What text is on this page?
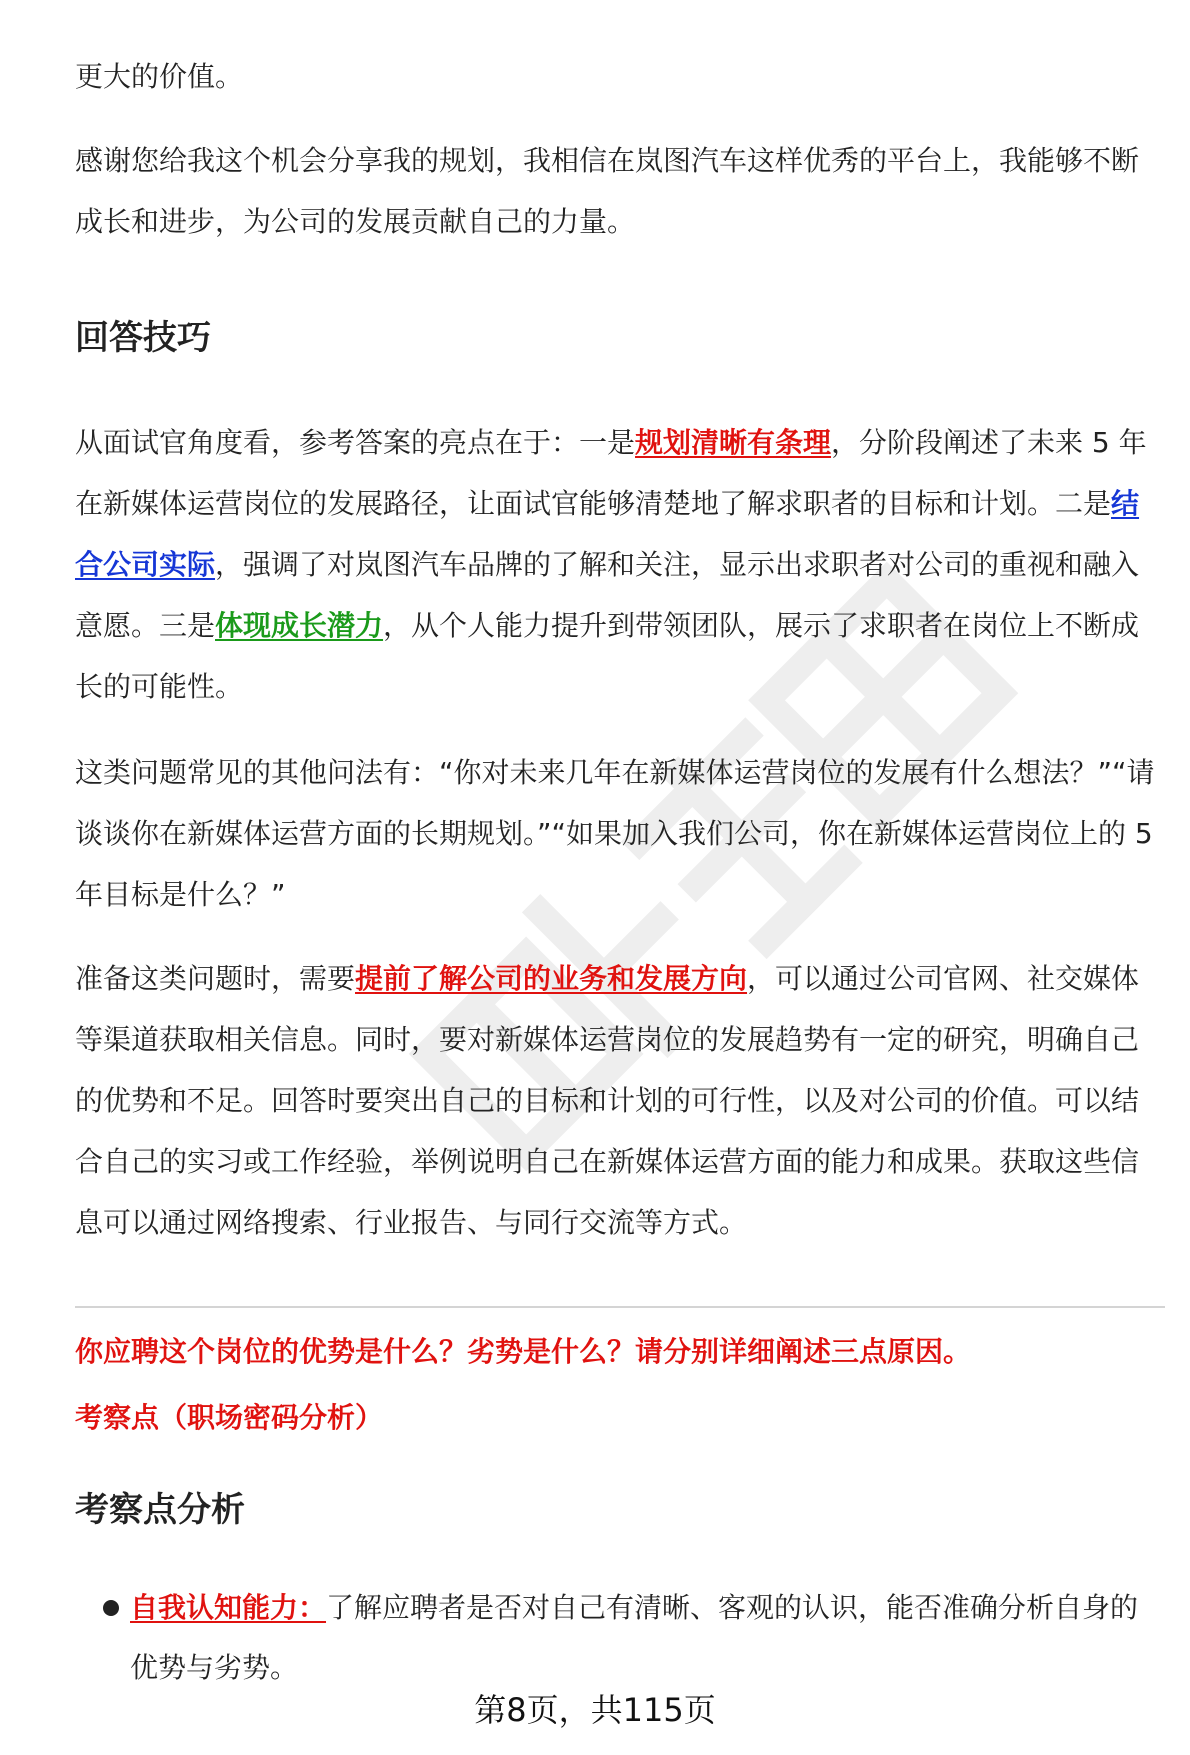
更大的价值。

感谢您给我这个机会分享我的规划，我相信在岚图汽车这样优秀的平台上，我能够不断成长和进步，为公司的发展贡献自己的力量。

回答技巧

从面试官角度看，参考答案的亮点在于：一是规划清晰有条理，分阶段阐述了未来 5 年在新媒体运营岗位的发展路径，让面试官能够清楚地了解求职者的目标和计划。二是结合公司实际，强调了对岚图汽车品牌的了解和关注，显示出求职者对公司的重视和融入意愿。三是体现成长潜力，从个人能力提升到带领团队，展示了求职者在岗位上不断成长的可能性。

这类问题常见的其他问法有：“你对未来几年在新媒体运营岗位的发展有什么想法？”“请谈谈你在新媒体运营方面的长期规划。”“如果加入我们公司，你在新媒体运营岗位上的 5 年目标是什么？”

准备这类问题时，需要提前了解公司的业务和发展方向，可以通过公司官网、社交媒体等渠道获取相关信息。同时，要对新媒体运营岗位的发展趋势有一定的研究，明确自己的优势和不足。回答时要突出自己的目标和计划的可行性，以及对公司的价值。可以结合自己的实习或工作经验，举例说明自己在新媒体运营方面的能力和成果。获取这些信息可以通过网络搜索、行业报告、与同行交流等方式。

你应聘这个岗位的优势是什么？劣势是什么？请分别详细阐述三点原因。

考察点（职场密码分析）

考察点分析

自我认知能力：了解应聘者是否对自己有清晰、客观的认识，能否准确分析自身的优势与劣势。

第8页，共115页
